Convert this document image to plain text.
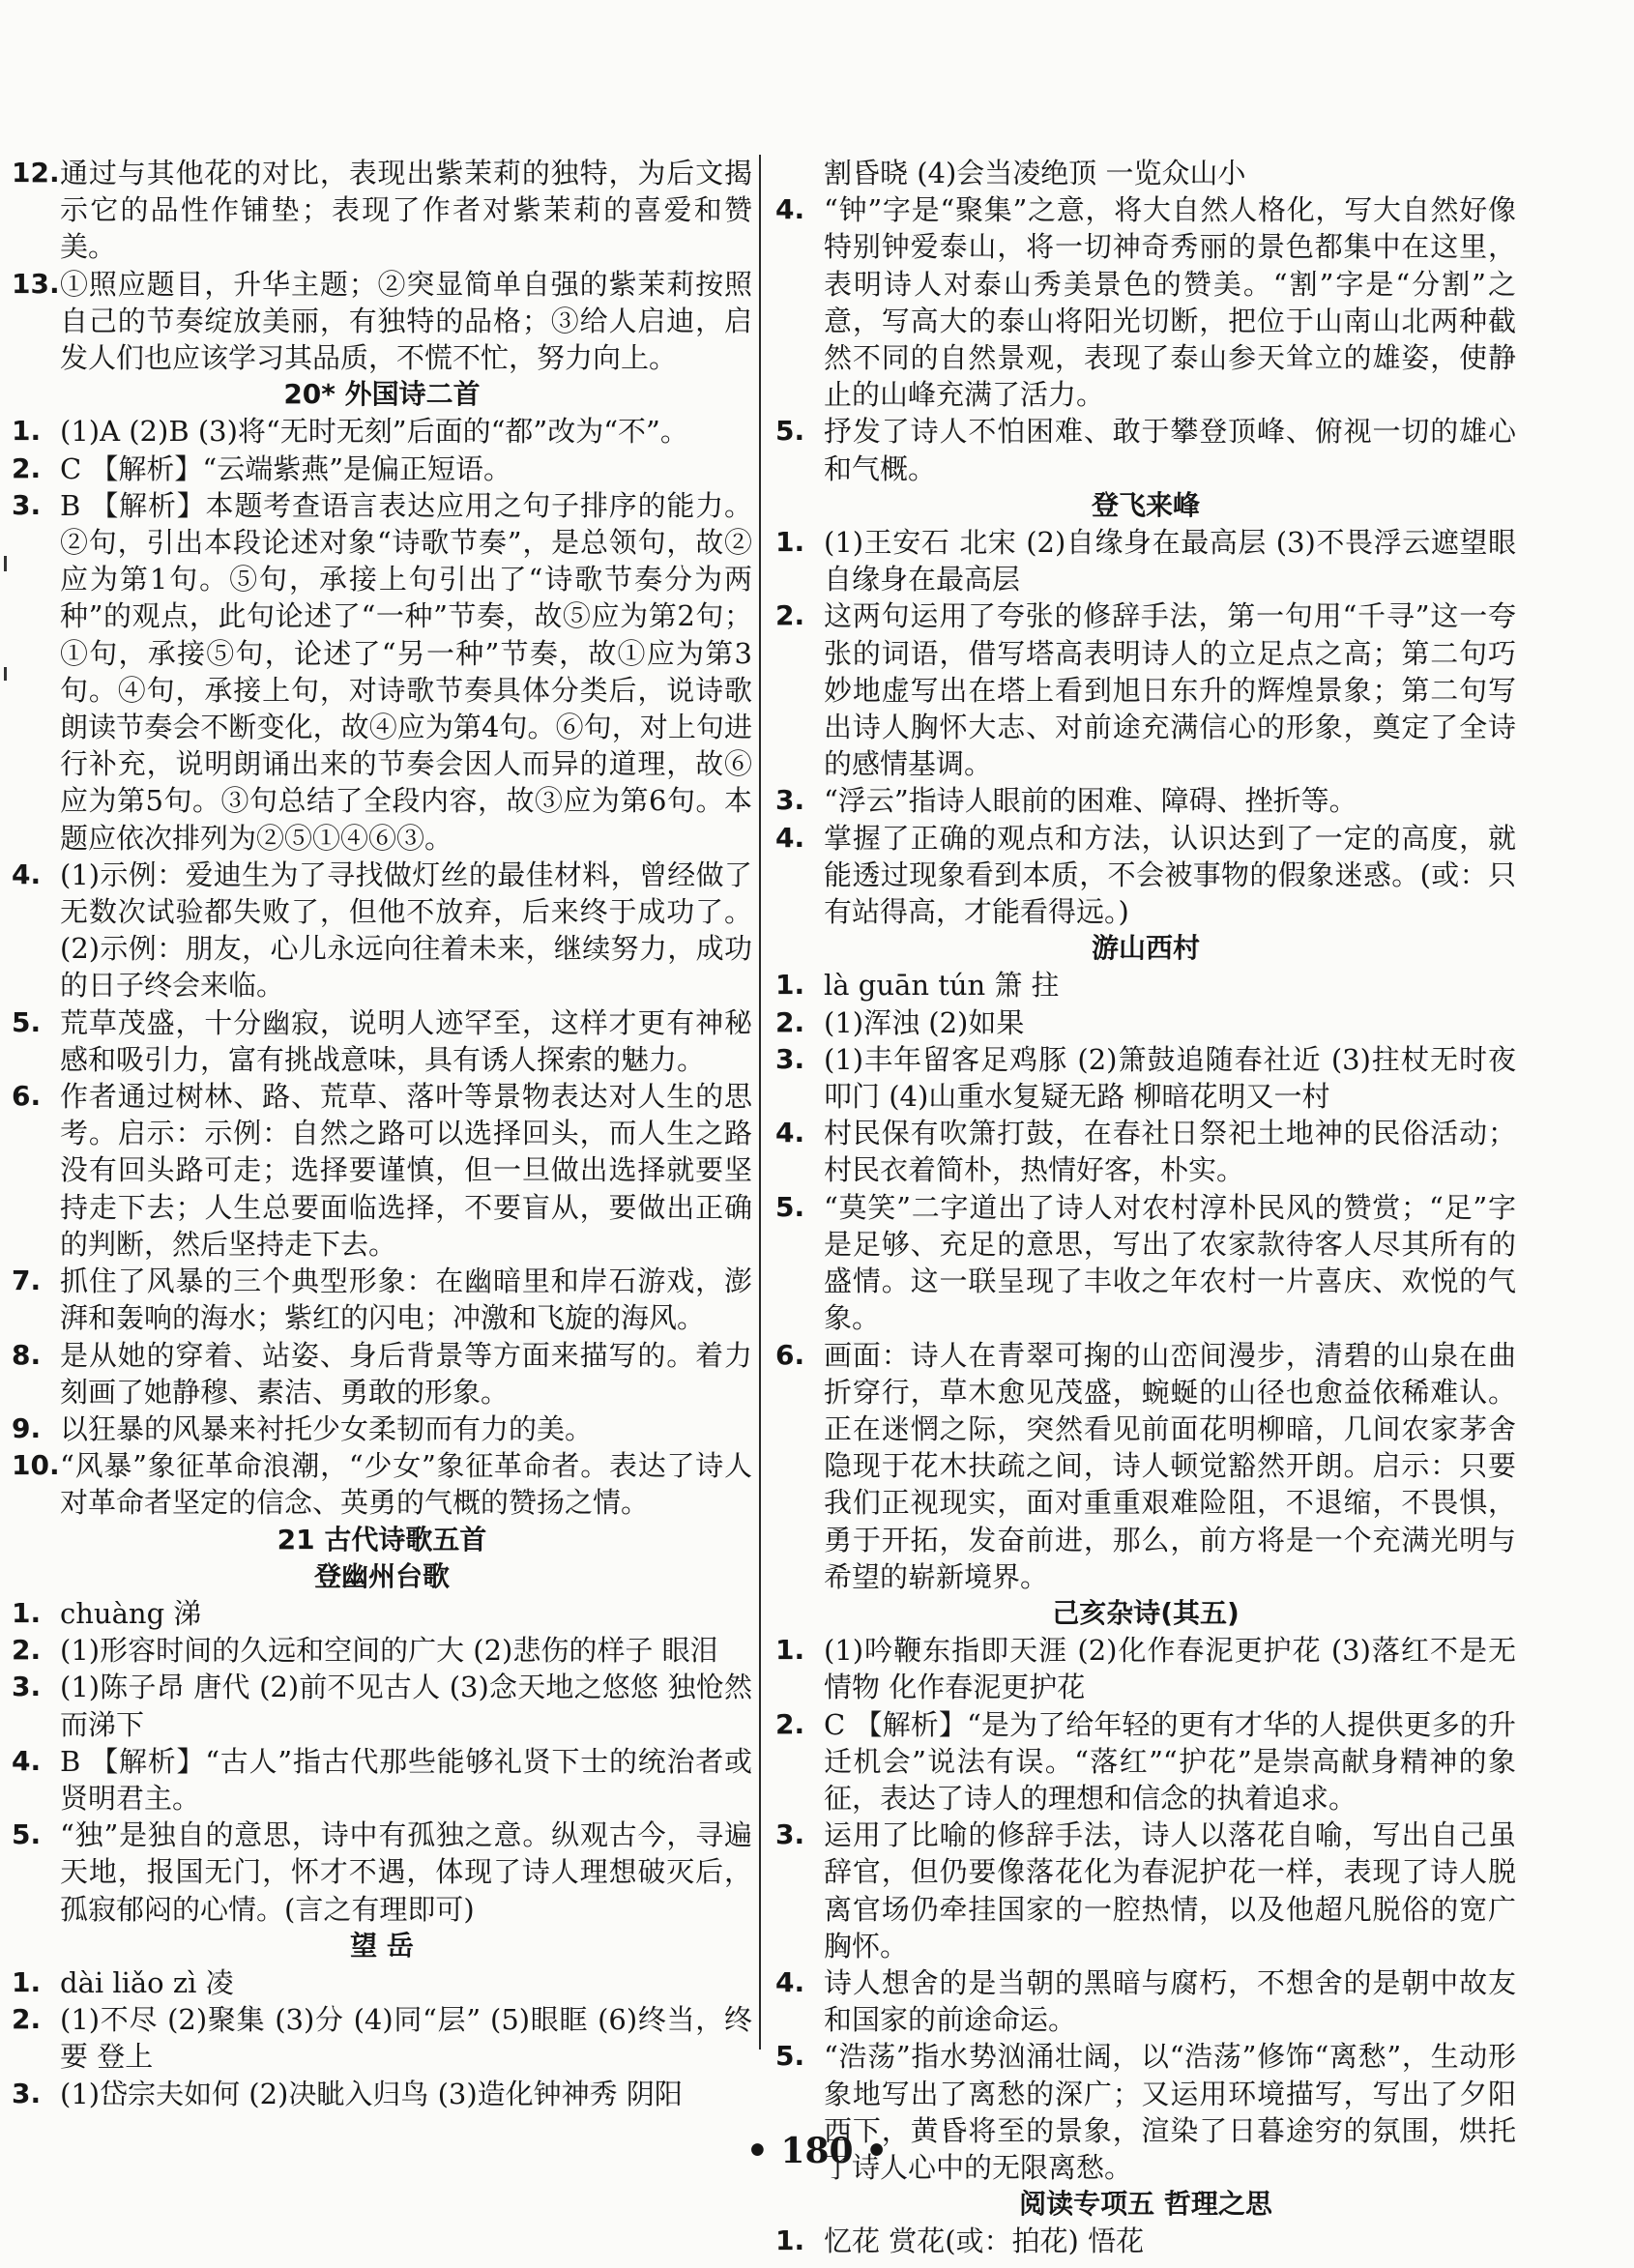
12. 通过与其他花的对比，表现出紫茉莉的独特，为后文揭示它的品性作铺垫；表现了作者对紫茉莉的喜爱和赞美。
13. ①照应题目，升华主题；②突显简单自强的紫茉莉按照自己的节奏绽放美丽，有独特的品格；③给人启迪，启发人们也应该学习其品质，不慌不忙，努力向上。
20* 外国诗二首
1. (1)A (2)B (3)将“无时无刻”后面的“都”改为“不”。
2. C 【解析】“云端紫燕”是偏正短语。
3. B 【解析】本题考查语言表达应用之句子排序的能力。②句，引出本段论述对象“诗歌节奏”，是总领句，故②应为第1句。⑤句，承接上句引出了“诗歌节奏分为两种”的观点，此句论述了“一种”节奏，故⑤应为第2句；①句，承接⑤句，论述了“另一种”节奏，故①应为第3句。④句，承接上句，对诗歌节奏具体分类后，说诗歌朗读节奏会不断变化，故④应为第4句。⑥句，对上句进行补充，说明朗诵出来的节奏会因人而异的道理，故⑥应为第5句。③句总结了全段内容，故③应为第6句。本题应依次排列为②⑤①④⑥③。
4. (1)示例：爱迪生为了寻找做灯丝的最佳材料，曾经做了无数次试验都失败了，但他不放弃，后来终于成功了。(2)示例：朋友，心儿永远向往着未来，继续努力，成功的日子终会来临。
5. 荒草茂盛，十分幽寂，说明人迹罕至，这样才更有神秘感和吸引力，富有挑战意味，具有诱人探索的魅力。
6. 作者通过树林、路、荒草、落叶等景物表达对人生的思考。启示：示例：自然之路可以选择回头，而人生之路没有回头路可走；选择要谨慎，但一旦做出选择就要坚持走下去；人生总要面临选择，不要盲从，要做出正确的判断，然后坚持走下去。
7. 抓住了风暴的三个典型形象：在幽暗里和岸石游戏，澎湃和轰响的海水；紫红的闪电；冲激和飞旋的海风。
8. 是从她的穿着、站姿、身后背景等方面来描写的。着力刻画了她静穆、素洁、勇敢的形象。
9. 以狂暴的风暴来衬托少女柔韧而有力的美。
10. “风暴”象征革命浪潮，“少女”象征革命者。表达了诗人对革命者坚定的信念、英勇的气概的赞扬之情。
21 古代诗歌五首
登幽州台歌
1. chuàng 涕
2. (1)形容时间的久远和空间的广大 (2)悲伤的样子 眼泪
3. (1)陈子昂 唐代 (2)前不见古人 (3)念天地之悠悠 独怆然而涕下
4. B 【解析】“古人”指古代那些能够礼贤下士的统治者或贤明君主。
5. “独”是独自的意思，诗中有孤独之意。纵观古今，寻遍天地，报国无门，怀才不遇，体现了诗人理想破灭后，孤寂郁闷的心情。(言之有理即可)
望 岳
1. dài liǎo zì 凌
2. (1)不尽 (2)聚集 (3)分 (4)同“层” (5)眼眶 (6)终当，终要 登上
3. (1)岱宗夫如何 (2)决眦入归鸟 (3)造化钟神秀 阴阳
割昏晓 (4)会当凌绝顶 一览众山小
4. “钟”字是“聚集”之意，将大自然人格化，写大自然好像特别钟爱泰山，将一切神奇秀丽的景色都集中在这里，表明诗人对泰山秀美景色的赞美。“割”字是“分割”之意，写高大的泰山将阳光切断，把位于山南山北两种截然不同的自然景观，表现了泰山参天耸立的雄姿，使静止的山峰充满了活力。
5. 抒发了诗人不怕困难、敢于攀登顶峰、俯视一切的雄心和气概。
登飞来峰
1. (1)王安石 北宋 (2)自缘身在最高层 (3)不畏浮云遮望眼 自缘身在最高层
2. 这两句运用了夸张的修辞手法，第一句用“千寻”这一夸张的词语，借写塔高表明诗人的立足点之高；第二句巧妙地虚写出在塔上看到旭日东升的辉煌景象；第二句写出诗人胸怀大志、对前途充满信心的形象，奠定了全诗的感情基调。
3. “浮云”指诗人眼前的困难、障碍、挫折等。
4. 掌握了正确的观点和方法，认识达到了一定的高度，就能透过现象看到本质，不会被事物的假象迷惑。(或：只有站得高，才能看得远。)
游山西村
1. là guān tún 箫 拄
2. (1)浑浊 (2)如果
3. (1)丰年留客足鸡豚 (2)箫鼓追随春社近 (3)拄杖无时夜叩门 (4)山重水复疑无路 柳暗花明又一村
4. 村民保有吹箫打鼓，在春社日祭祀土地神的民俗活动；村民衣着简朴，热情好客，朴实。
5. “莫笑”二字道出了诗人对农村淳朴民风的赞赏；“足”字是足够、充足的意思，写出了农家款待客人尽其所有的盛情。这一联呈现了丰收之年农村一片喜庆、欢悦的气象。
6. 画面：诗人在青翠可掬的山峦间漫步，清碧的山泉在曲折穿行，草木愈见茂盛，蜿蜒的山径也愈益依稀难认。正在迷惘之际，突然看见前面花明柳暗，几间农家茅舍隐现于花木扶疏之间，诗人顿觉豁然开朗。启示：只要我们正视现实，面对重重艰难险阻，不退缩，不畏惧，勇于开拓，发奋前进，那么，前方将是一个充满光明与希望的崭新境界。
己亥杂诗(其五)
1. (1)吟鞭东指即天涯 (2)化作春泥更护花 (3)落红不是无情物 化作春泥更护花
2. C 【解析】“是为了给年轻的更有才华的人提供更多的升迁机会”说法有误。“落红”“护花”是崇高献身精神的象征，表达了诗人的理想和信念的执着追求。
3. 运用了比喻的修辞手法，诗人以落花自喻，写出自己虽辞官，但仍要像落花化为春泥护花一样，表现了诗人脱离官场仍牵挂国家的一腔热情，以及他超凡脱俗的宽广胸怀。
4. 诗人想舍的是当朝的黑暗与腐朽，不想舍的是朝中故友和国家的前途命运。
5. “浩荡”指水势汹涌壮阔，以“浩荡”修饰“离愁”，生动形象地写出了离愁的深广；又运用环境描写，写出了夕阳西下，黄昏将至的景象，渲染了日暮途穷的氛围，烘托了诗人心中的无限离愁。
阅读专项五 哲理之思
1. 忆花 赏花(或：拍花) 悟花
• 180 •
